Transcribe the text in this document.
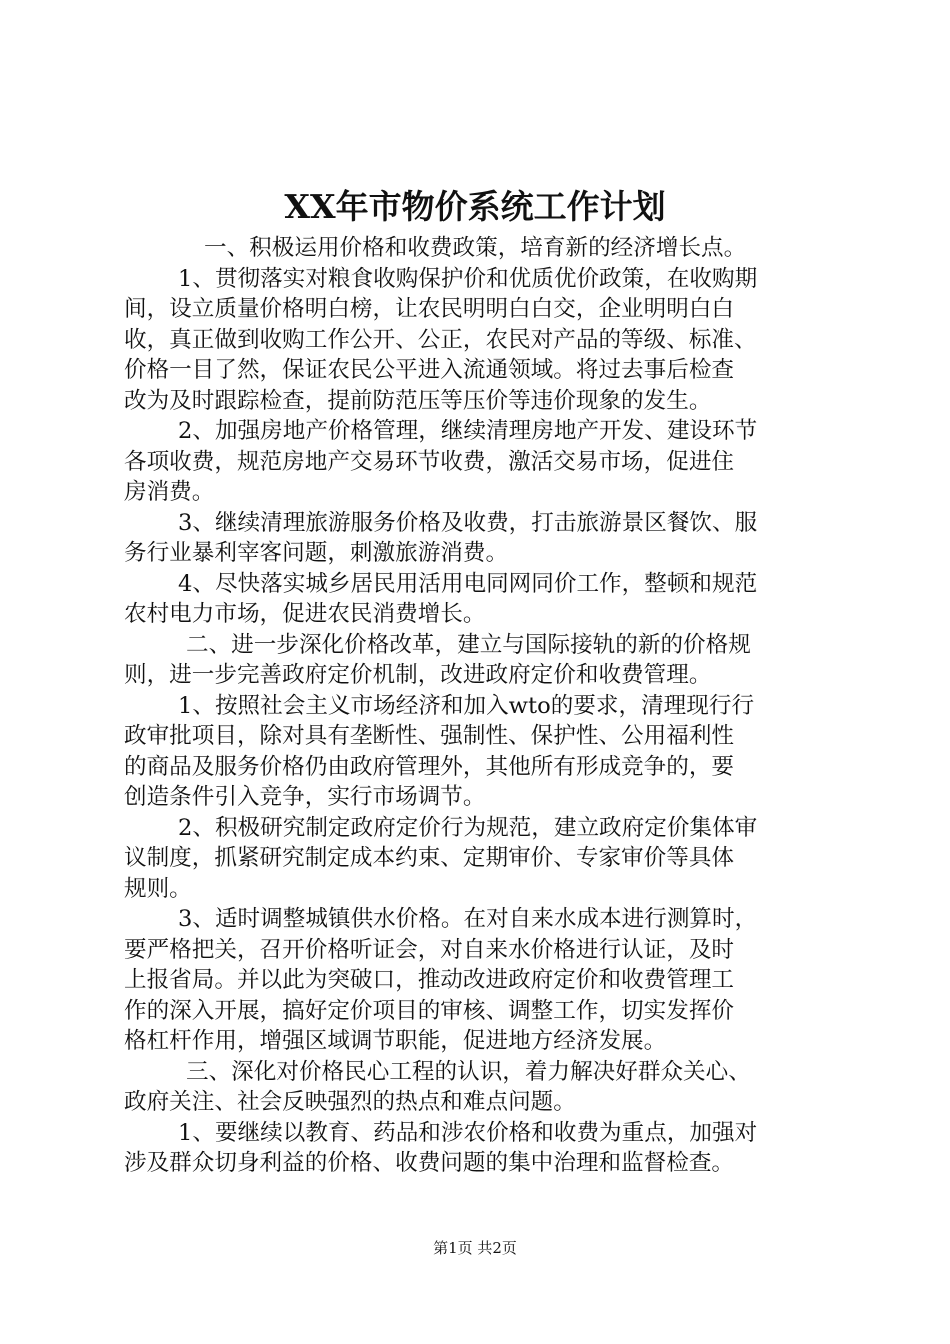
XX年市物价系统工作计划
一、积极运用价格和收费政策，培育新的经济增长点。
1、贯彻落实对粮食收购保护价和优质优价政策，在收购期
间，设立质量价格明白榜，让农民明明白白交，企业明明白白
收，真正做到收购工作公开、公正，农民对产品的等级、标准、
价格一目了然，保证农民公平进入流通领域。将过去事后检查
改为及时跟踪检查，提前防范压等压价等违价现象的发生。
2、加强房地产价格管理，继续清理房地产开发、建设环节
各项收费，规范房地产交易环节收费，激活交易市场，促进住
房消费。
3、继续清理旅游服务价格及收费，打击旅游景区餐饮、服
务行业暴利宰客问题，刺激旅游消费。
4、尽快落实城乡居民用活用电同网同价工作，整顿和规范
农村电力市场，促进农民消费增长。
二、进一步深化价格改革，建立与国际接轨的新的价格规
则，进一步完善政府定价机制，改进政府定价和收费管理。
1、按照社会主义市场经济和加入wto的要求，清理现行行
政审批项目，除对具有垄断性、强制性、保护性、公用福利性
的商品及服务价格仍由政府管理外，其他所有形成竞争的，要
创造条件引入竞争，实行市场调节。
2、积极研究制定政府定价行为规范，建立政府定价集体审
议制度，抓紧研究制定成本约束、定期审价、专家审价等具体
规则。
3、适时调整城镇供水价格。在对自来水成本进行测算时，
要严格把关，召开价格听证会，对自来水价格进行认证，及时
上报省局。并以此为突破口，推动改进政府定价和收费管理工
作的深入开展，搞好定价项目的审核、调整工作，切实发挥价
格杠杆作用，增强区域调节职能，促进地方经济发展。
三、深化对价格民心工程的认识，着力解决好群众关心、
政府关注、社会反映强烈的热点和难点问题。
1、要继续以教育、药品和涉农价格和收费为重点，加强对
涉及群众切身利益的价格、收费问题的集中治理和监督检查。
第1页 共2页
